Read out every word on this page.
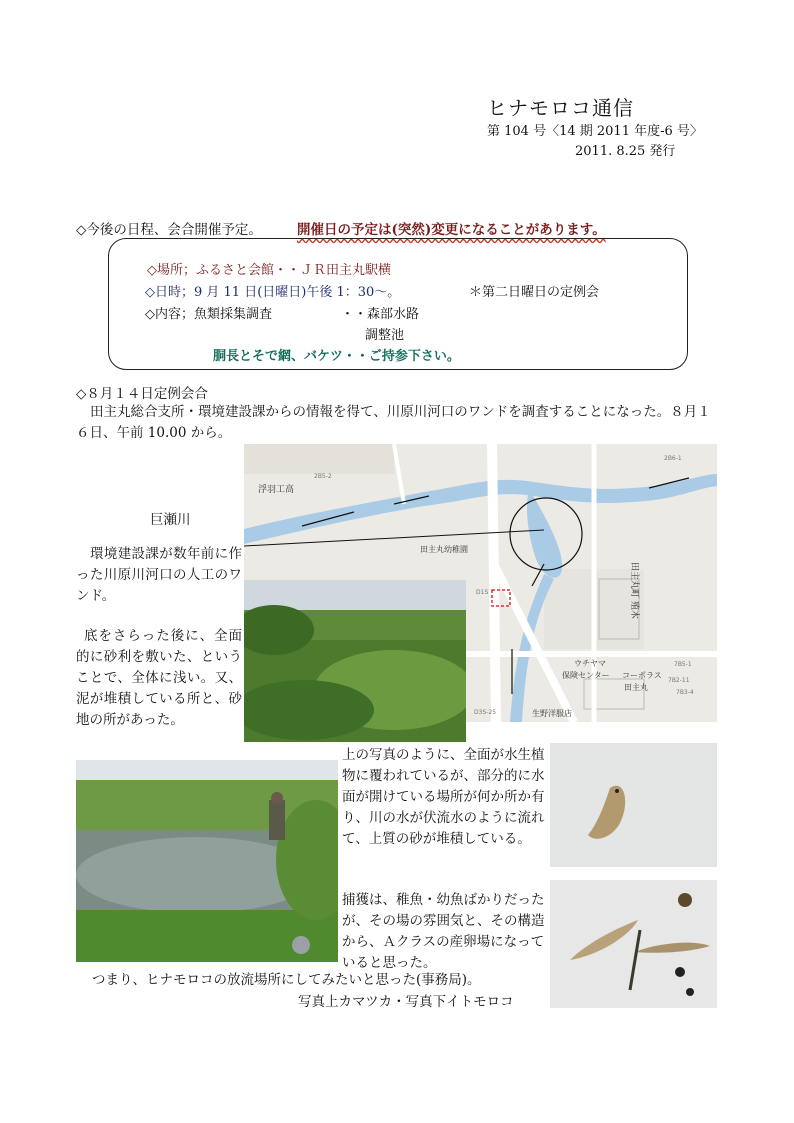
ヒナモロコ通信
第 104 号〈14 期 2011 年度-6 号〉
2011. 8.25 発行
◇今後の日程、会合開催予定。	開催日の予定は(突然)変更になることがあります。
◇場所；ふるさと会館・・ＪＲ田主丸駅横
◇日時；9 月 11 日(日曜日)午後 1：30～。	＊第二日曜日の定例会
◇内容；魚類採集調査	・・森部水路
調整池
胴長とそで網、バケツ・・ご持参下さい。
◇８月１４日定例会合
田主丸総合支所・環境建設課からの情報を得て、川原川河口のワンドを調査することになった。８月１６日、午前 10.00 から。
浮羽工高
田主丸幼稚園
田主丸町 殖木
ウチヤマ
保険センター コーポラス
田主丸
生野洋服店
2B6-1
2B5-2
7B5-1
7B3-4
7B2-11
D1S
D3S-25
巨瀬川
環境建設課が数年前に作った川原川河口の人工のワンド。
底をさらった後に、全面的に砂利を敷いた、ということで、全体に浅い。又、泥が堆積している所と、砂地の所があった。
上の写真のように、全面が水生植物に覆われているが、部分的に水面が開けている場所が何か所か有り、川の水が伏流水のように流れて、上質の砂が堆積している。
捕獲は、稚魚・幼魚ばかりだったが、その場の雰囲気と、その構造から、Ａクラスの産卵場になっていると思った。
つまり、ヒナモロコの放流場所にしてみたいと思った(事務局)。
写真上カマツカ・写真下イトモロコ
